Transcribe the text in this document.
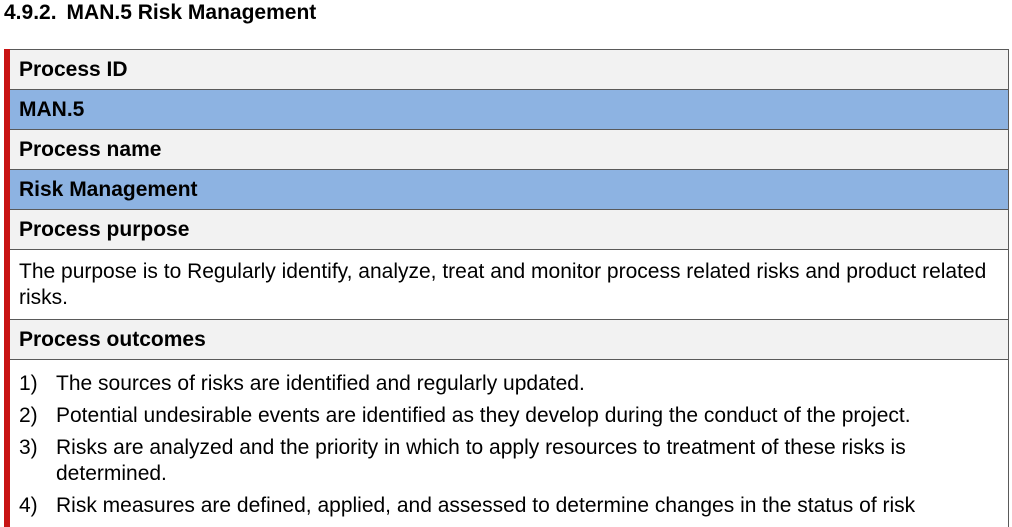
4.9.2. MAN.5 Risk Management
Process ID
MAN.5
Process name
Risk Management
Process purpose
The purpose is to Regularly identify, analyze, treat and monitor process related risks and product related risks.
Process outcomes
1) The sources of risks are identified and regularly updated.
2) Potential undesirable events are identified as they develop during the conduct of the project.
3) Risks are analyzed and the priority in which to apply resources to treatment of these risks is determined.
4) Risk measures are defined, applied, and assessed to determine changes in the status of risk
